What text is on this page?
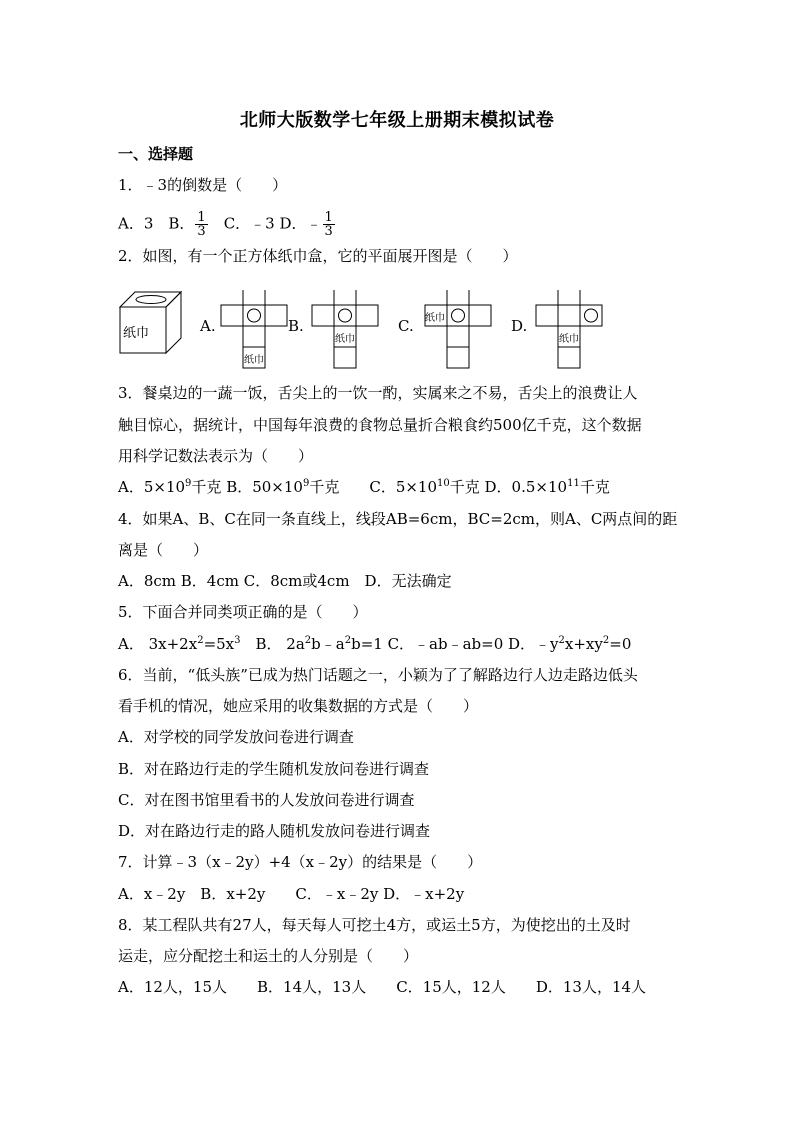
北师大版数学七年级上册期末模拟试卷
一、选择题
1．﹣3的倒数是（　　）
A．3　B． $\frac{1}{3}$ 　C．﹣3 D．﹣ $\frac{1}{3}$
2．如图，有一个正方体纸巾盒，它的平面展开图是（　　）
纸巾	A.
纸巾
B.
纸巾
C. 纸巾	D.
纸巾
3．餐桌边的一蔬一饭，舌尖上的一饮一酌，实属来之不易，舌尖上的浪费让人
触目惊心，据统计，中国每年浪费的食物总量折合粮食约500亿千克，这个数据
用科学记数法表示为（　　）
A．$5\times 10^9$千克 B．$50\times 10^9$千克　　C．$5\times 10^{10}$千克 D．$0.5\times 10^{11}$千克
4．如果A、B、C在同一条直线上，线段AB=6cm，BC=2cm，则A、C两点间的距
离是（　　）
A．8cm B．4cm C．8cm或4cm　D．无法确定
5．下面合并同类项正确的是（　　）
A． $3x+2x^2=5x^3$　B． $2a^2b﹣a^2b=1$ C．﹣ab﹣ab=0 D．$﹣y^2x+xy^2=0$
6．当前，“低头族”已成为热门话题之一，小颖为了了解路边行人边走路边低头
看手机的情况，她应采用的收集数据的方式是（　　）
A．对学校的同学发放问卷进行调查
B．对在路边行走的学生随机发放问卷进行调查
C．对在图书馆里看书的人发放问卷进行调查
D．对在路边行走的路人随机发放问卷进行调查
7．计算﹣3（x﹣2y）+4（x﹣2y）的结果是（　　）
A．x﹣2y　B．x+2y　　C．﹣x﹣2y D．﹣x+2y
8．某工程队共有27人，每天每人可挖土4方，或运土5方，为使挖出的土及时
运走，应分配挖土和运土的人分别是（　　）
A．12人，15人　　B．14人，13人　　C．15人，12人　　D．13人，14人
